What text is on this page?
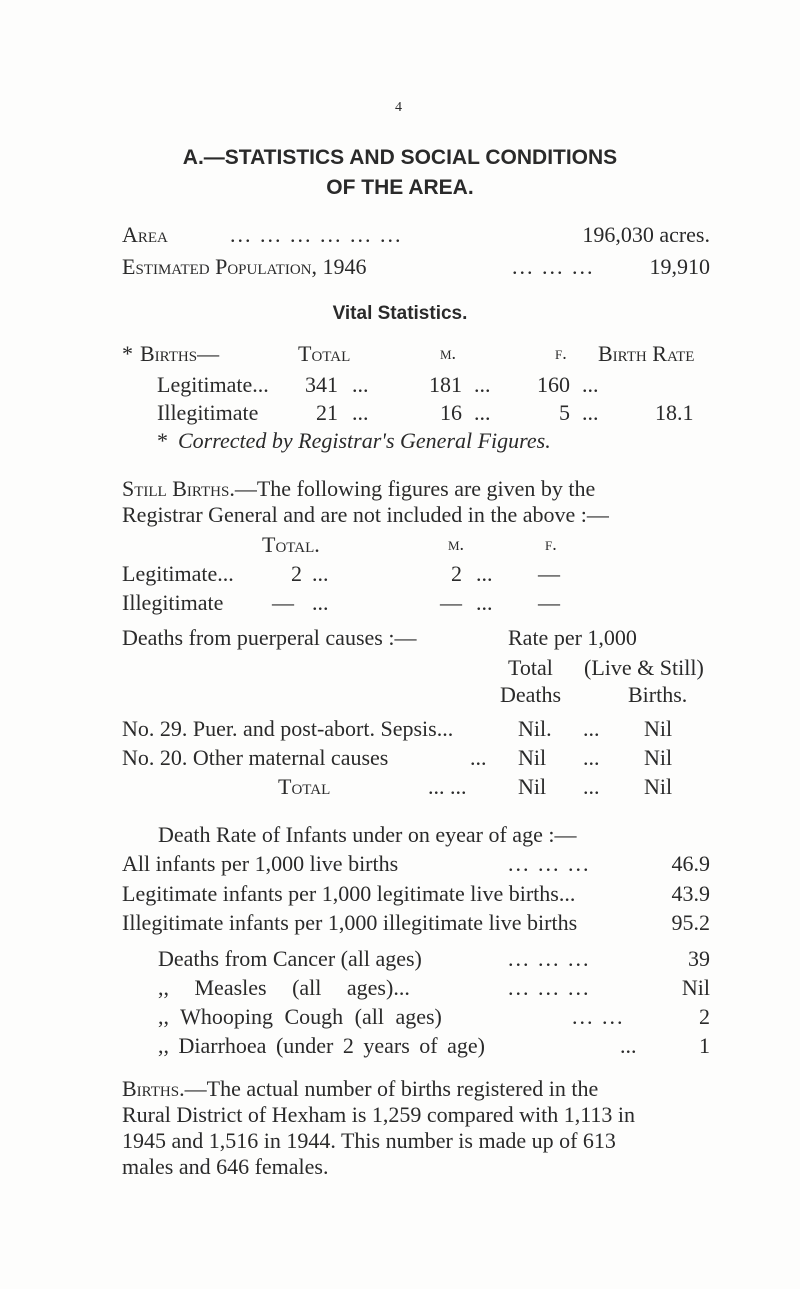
4
A.—STATISTICS AND SOCIAL CONDITIONS
OF THE AREA.
Area	... ... ... ... ... ...	196,030 acres.
Estimated Population, 1946	... ... ...	19,910
Vital Statistics.
* Births—	Total	m.	f. Birth Rate
Legitimate...	341 ...	181 ...	160 ...
Illegitimate	21 ...	16 ...	5 ...	18.1
* Corrected by Registrar's General Figures.
Still Births.—The following figures are given by the
Registrar General and are not included in the above :—
Total.	m.	f.
Legitimate...	2 ...	2 ... —
Illegitimate — ...	— ... —
Deaths from puerperal causes :—	Rate per 1,000
Total (Live & Still)
Deaths	Births.
No. 29. Puer. and post-abort. Sepsis...	Nil. ... Nil
No. 20. Other maternal causes	... Nil ... Nil
Total	... ... Nil ... Nil
Death Rate of Infants under on eyear of age :—
All infants per 1,000 live births	... ... ...	46.9
Legitimate infants per 1,000 legitimate live births...	43.9
Illegitimate infants per 1,000 illegitimate live births	95.2
Deaths from Cancer (all ages)	... ... ...	39
,, Measles (all ages)...	... ... ...	Nil
,, Whooping Cough (all ages)	... ...	2
,, Diarrhoea (under 2 years of age)	...	1
Births.—The actual number of births registered in the
Rural District of Hexham is 1,259 compared with 1,113 in
1945 and 1,516 in 1944. This number is made up of 613
males and 646 females.
